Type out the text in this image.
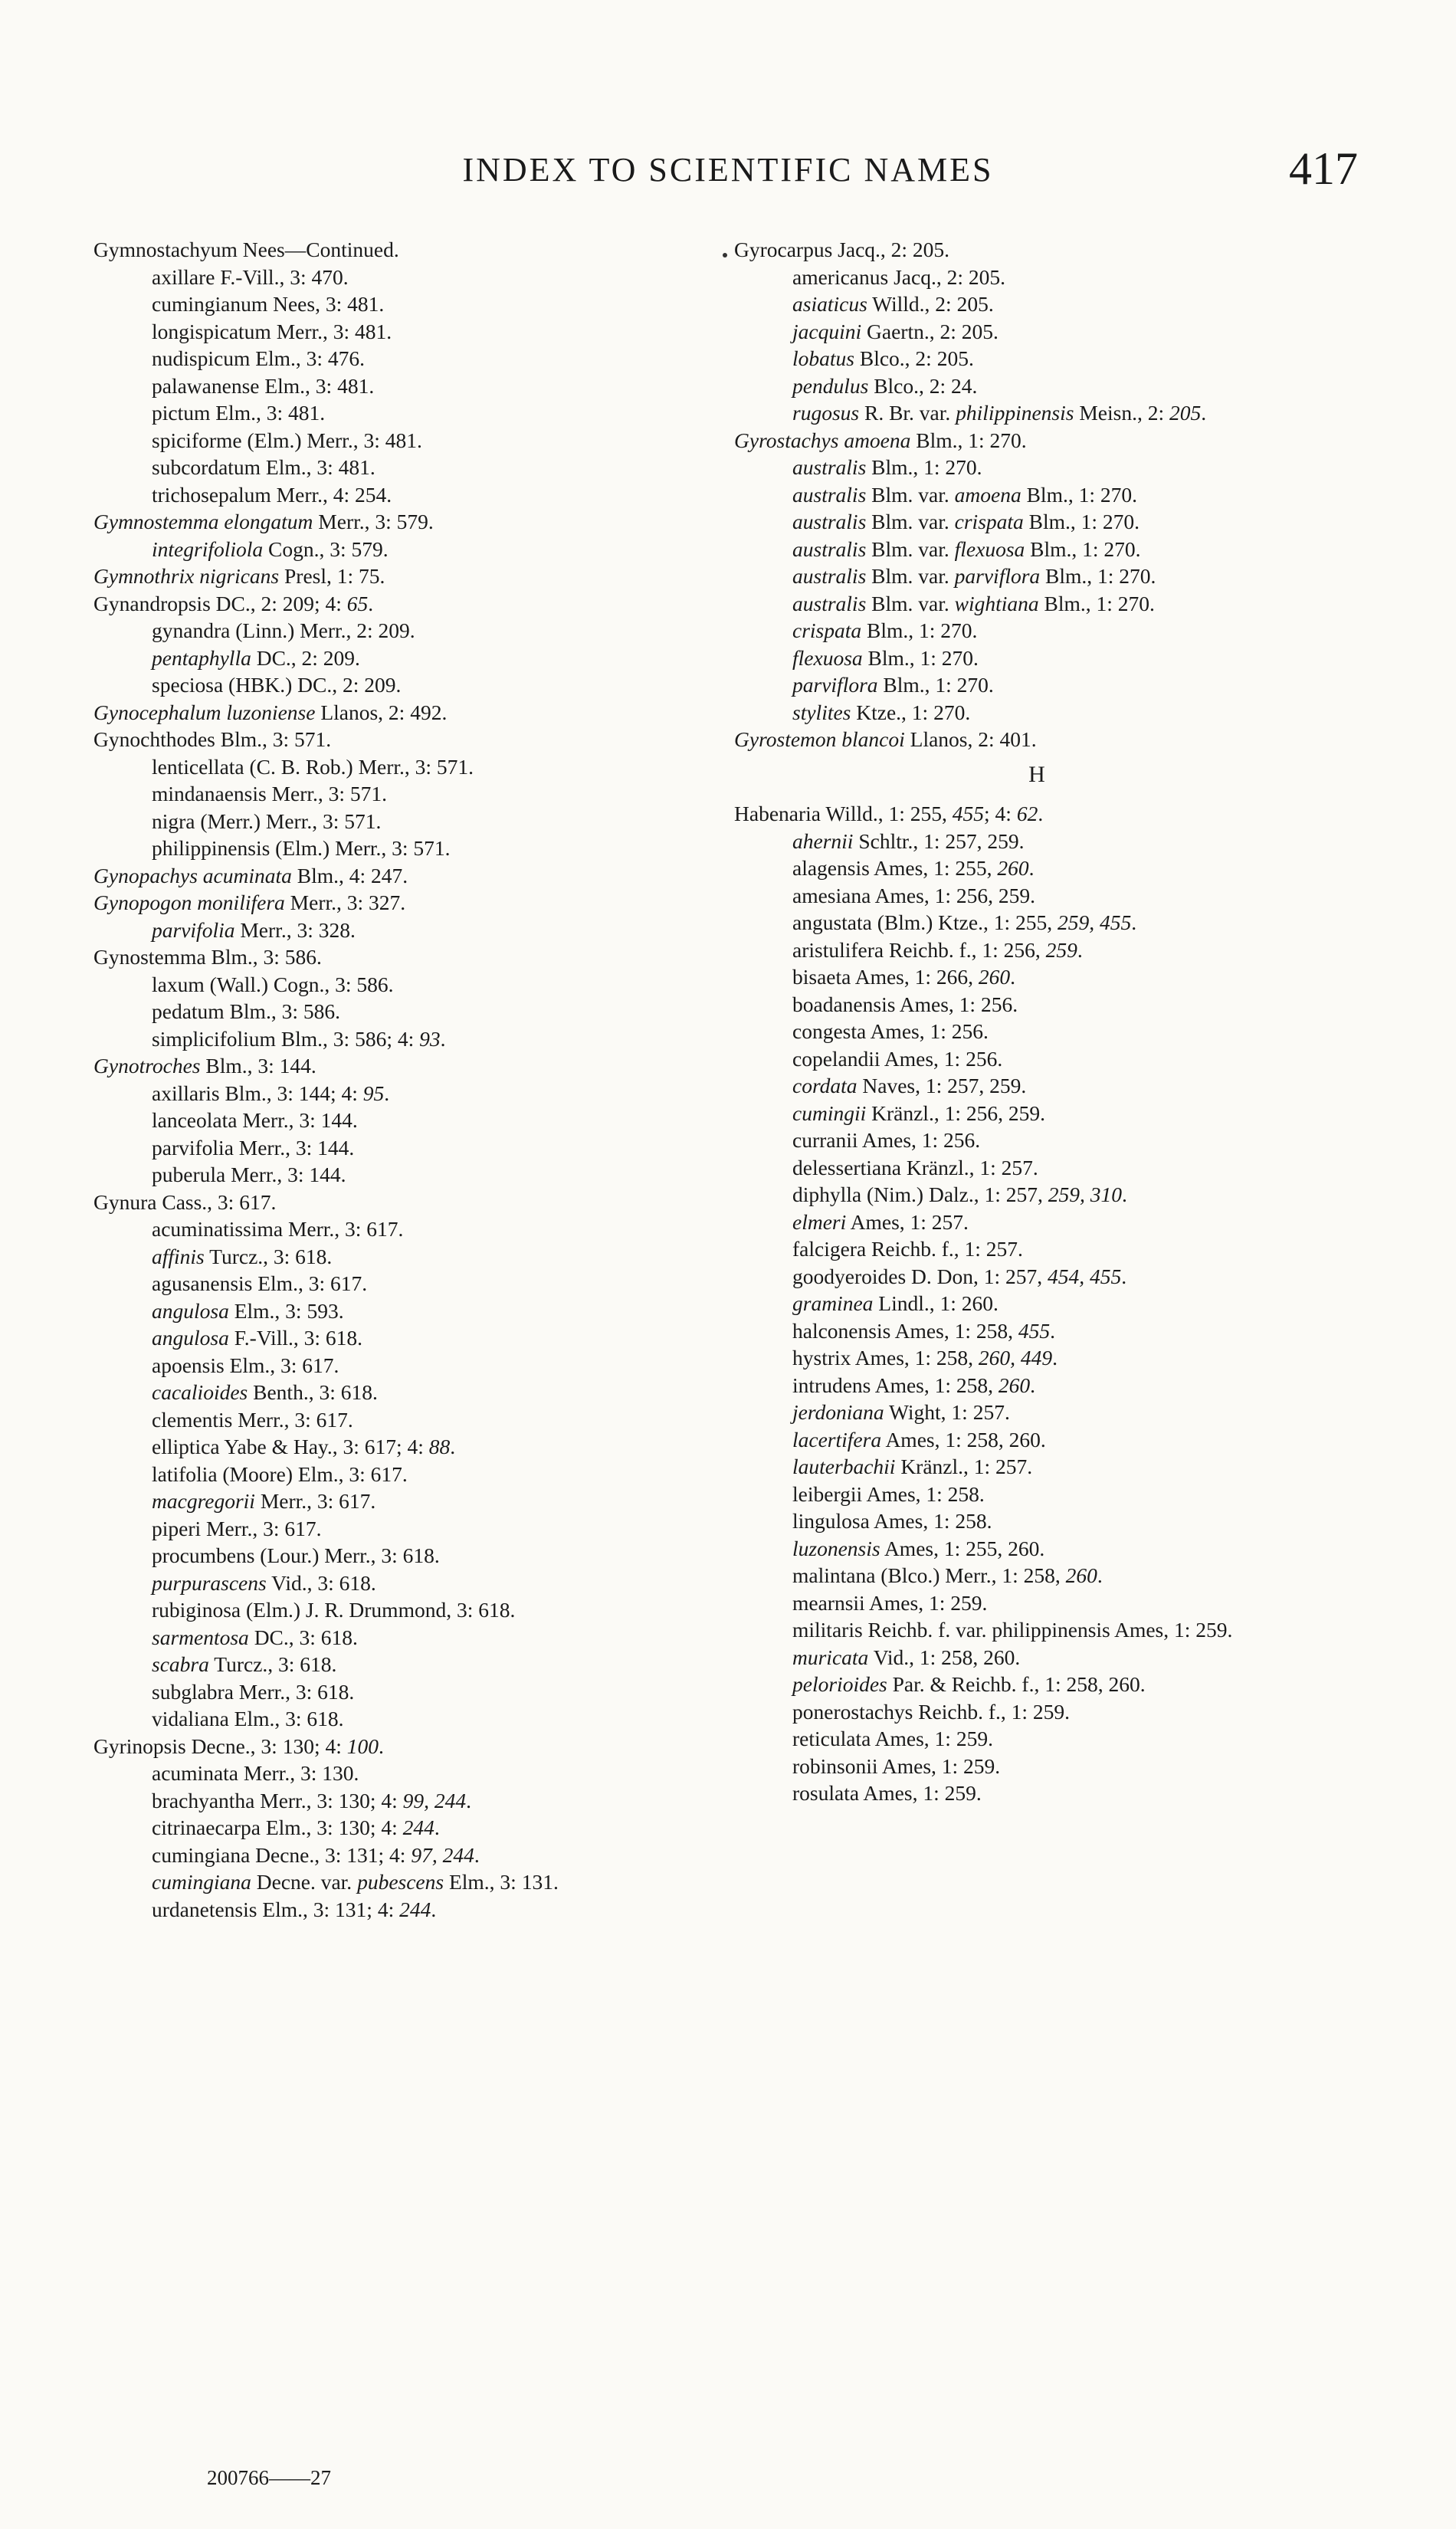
INDEX TO SCIENTIFIC NAMES	417
Gymnostachyum Nees—Continued.
axillare F.-Vill., 3: 470.
cumingianum Nees, 3: 481.
longispicatum Merr., 3: 481.
nudispicum Elm., 3: 476.
palawanense Elm., 3: 481.
pictum Elm., 3: 481.
spiciforme (Elm.) Merr., 3: 481.
subcordatum Elm., 3: 481.
trichosepalum Merr., 4: 254.
Gymnostemma elongatum Merr., 3: 579.
integrifoliola Cogn., 3: 579.
Gymnothrix nigricans Presl, 1: 75.
Gynandropsis DC., 2: 209; 4: 65.
gynandra (Linn.) Merr., 2: 209.
pentaphylla DC., 2: 209.
speciosa (HBK.) DC., 2: 209.
Gynocephalum luzoniense Llanos, 2: 492.
Gynochthodes Blm., 3: 571.
lenticellata (C. B. Rob.) Merr., 3: 571.
mindanaensis Merr., 3: 571.
nigra (Merr.) Merr., 3: 571.
philippinensis (Elm.) Merr., 3: 571.
Gynopachys acuminata Blm., 4: 247.
Gynopogon monilifera Merr., 3: 327.
parvifolia Merr., 3: 328.
Gynostemma Blm., 3: 586.
laxum (Wall.) Cogn., 3: 586.
pedatum Blm., 3: 586.
simplicifolium Blm., 3: 586; 4: 93.
Gynotroches Blm., 3: 144.
axillaris Blm., 3: 144; 4: 95.
lanceolata Merr., 3: 144.
parvifolia Merr., 3: 144.
puberula Merr., 3: 144.
Gynura Cass., 3: 617.
acuminatissima Merr., 3: 617.
affinis Turcz., 3: 618.
agusanensis Elm., 3: 617.
angulosa Elm., 3: 593.
angulosa F.-Vill., 3: 618.
apoensis Elm., 3: 617.
cacalioides Benth., 3: 618.
clementis Merr., 3: 617.
elliptica Yabe & Hay., 3: 617; 4: 88.
latifolia (Moore) Elm., 3: 617.
macgregorii Merr., 3: 617.
piperi Merr., 3: 617.
procumbens (Lour.) Merr., 3: 618.
purpurascens Vid., 3: 618.
rubiginosa (Elm.) J. R. Drummond, 3: 618.
sarmentosa DC., 3: 618.
scabra Turcz., 3: 618.
subglabra Merr., 3: 618.
vidaliana Elm., 3: 618.
Gyrinopsis Decne., 3: 130; 4: 100.
acuminata Merr., 3: 130.
brachyantha Merr., 3: 130; 4: 99, 244.
citrinaecarpa Elm., 3: 130; 4: 244.
cumingiana Decne., 3: 131; 4: 97, 244.
cumingiana Decne. var. pubescens Elm., 3: 131.
urdanetensis Elm., 3: 131; 4: 244.
Gyrocarpus Jacq., 2: 205.
americanus Jacq., 2: 205.
asiaticus Willd., 2: 205.
jacquini Gaertn., 2: 205.
lobatus Blco., 2: 205.
pendulus Blco., 2: 24.
rugosus R. Br. var. philippinensis Meisn., 2: 205.
Gyrostachys amoena Blm., 1: 270.
australis Blm., 1: 270.
australis Blm. var. amoena Blm., 1: 270.
australis Blm. var. crispata Blm., 1: 270.
australis Blm. var. flexuosa Blm., 1: 270.
australis Blm. var. parviflora Blm., 1: 270.
australis Blm. var. wightiana Blm., 1: 270.
crispata Blm., 1: 270.
flexuosa Blm., 1: 270.
parviflora Blm., 1: 270.
stylites Ktze., 1: 270.
Gyrostemon blancoi Llanos, 2: 401.
H
Habenaria Willd., 1: 255, 455; 4: 62.
ahernii Schltr., 1: 257, 259.
alagensis Ames, 1: 255, 260.
amesiana Ames, 1: 256, 259.
angustata (Blm.) Ktze., 1: 255, 259, 455.
aristulifera Reichb. f., 1: 256, 259.
bisaeta Ames, 1: 266, 260.
boadanensis Ames, 1: 256.
congesta Ames, 1: 256.
copelandii Ames, 1: 256.
cordata Naves, 1: 257, 259.
cumingii Kränzl., 1: 256, 259.
curranii Ames, 1: 256.
delessertiana Kränzl., 1: 257.
diphylla (Nim.) Dalz., 1: 257, 259, 310.
elmeri Ames, 1: 257.
falcigera Reichb. f., 1: 257.
goodyeroides D. Don, 1: 257, 454, 455.
graminea Lindl., 1: 260.
halconensis Ames, 1: 258, 455.
hystrix Ames, 1: 258, 260, 449.
intrudens Ames, 1: 258, 260.
jerdoniana Wight, 1: 257.
lacertifera Ames, 1: 258, 260.
lauterbachii Kränzl., 1: 257.
leibergii Ames, 1: 258.
lingulosa Ames, 1: 258.
luzonensis Ames, 1: 255, 260.
malintana (Blco.) Merr., 1: 258, 260.
mearnsii Ames, 1: 259.
militaris Reichb. f. var. philippinensis Ames, 1: 259.
muricata Vid., 1: 258, 260.
pelorioides Par. & Reichb. f., 1: 258, 260.
ponerostachys Reichb. f., 1: 259.
reticulata Ames, 1: 259.
robinsonii Ames, 1: 259.
rosulata Ames, 1: 259.
200766——27
